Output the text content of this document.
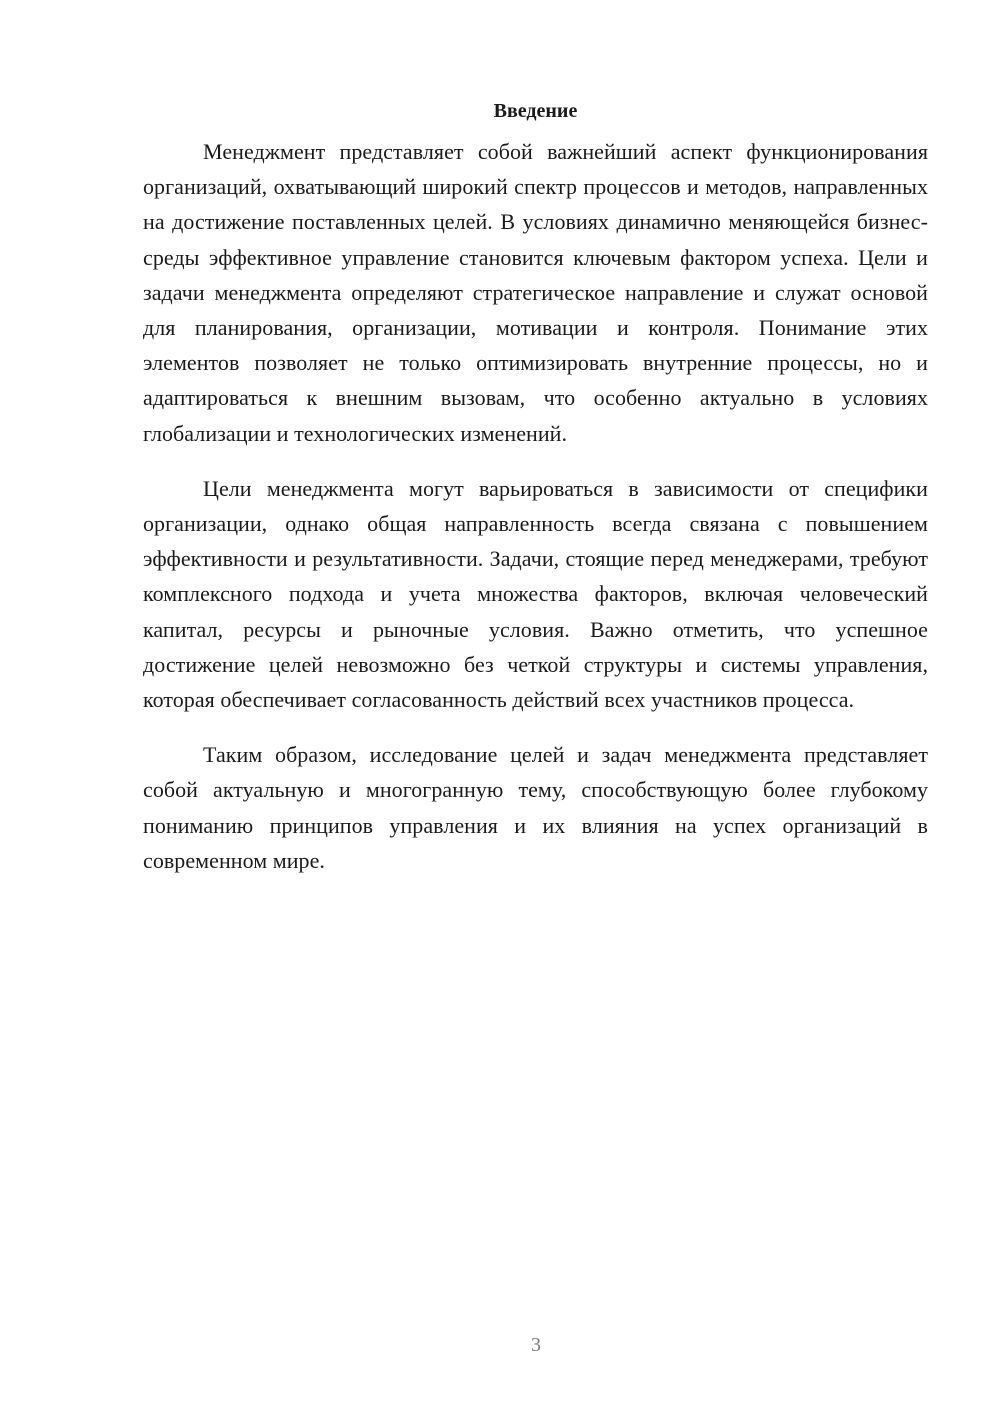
Введение

Менеджмент представляет собой важнейший аспект функционирования организаций, охватывающий широкий спектр процессов и методов, направленных на достижение поставленных целей. В условиях динамично меняющейся бизнес-среды эффективное управление становится ключевым фактором успеха. Цели и задачи менеджмента определяют стратегическое направление и служат основой для планирования, организации, мотивации и контроля. Понимание этих элементов позволяет не только оптимизировать внутренние процессы, но и адаптироваться к внешним вызовам, что особенно актуально в условиях глобализации и технологических изменений.

Цели менеджмента могут варьироваться в зависимости от специфики организации, однако общая направленность всегда связана с повышением эффективности и результативности. Задачи, стоящие перед менеджерами, требуют комплексного подхода и учета множества факторов, включая человеческий капитал, ресурсы и рыночные условия. Важно отметить, что успешное достижение целей невозможно без четкой структуры и системы управления, которая обеспечивает согласованность действий всех участников процесса.

Таким образом, исследование целей и задач менеджмента представляет собой актуальную и многогранную тему, способствующую более глубокому пониманию принципов управления и их влияния на успех организаций в современном мире.

3
